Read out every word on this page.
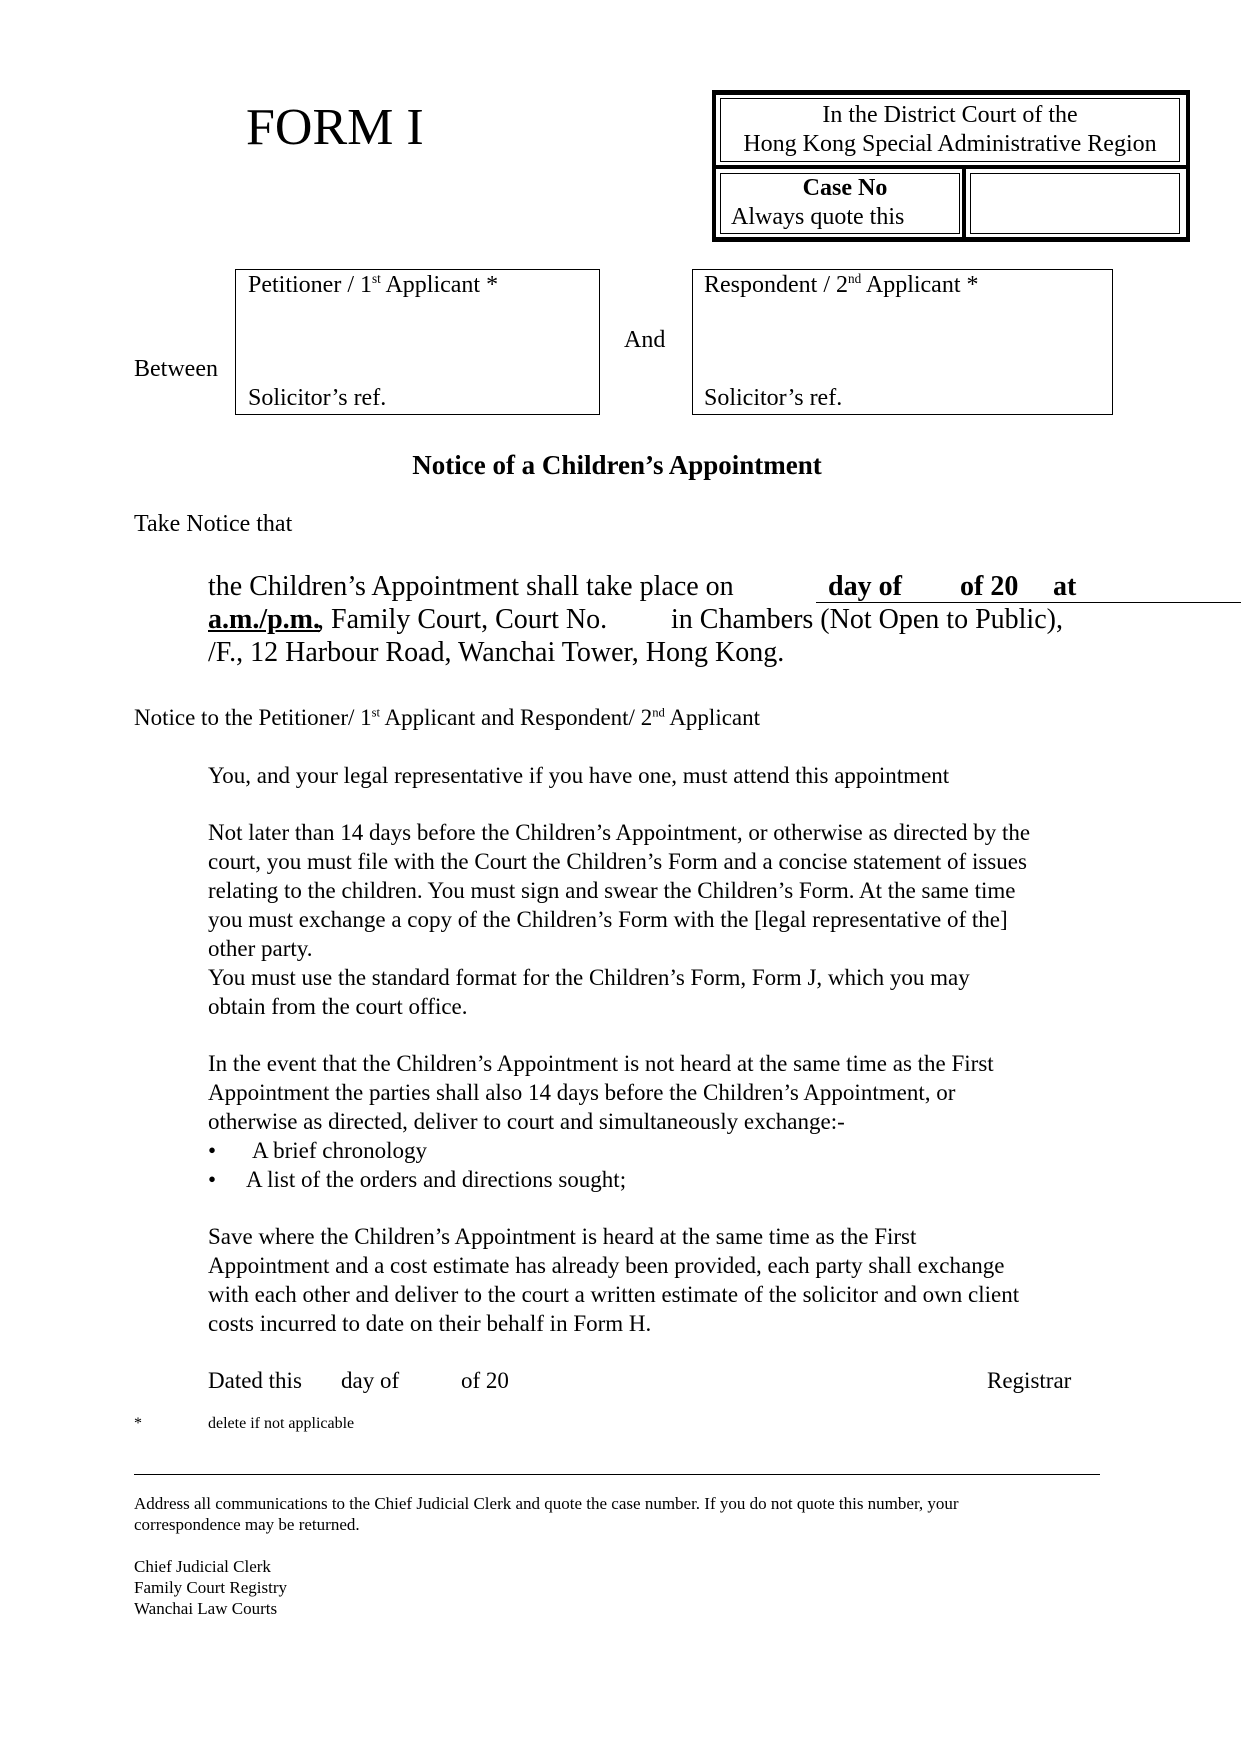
FORM I	In the District Court of the
Hong Kong Special Administrative Region
Case No
Always quote this
Between
Petitioner / 1st Applicant *
Solicitor’s ref.
And
Respondent / 2nd Applicant *
Solicitor’s ref.
Notice of a Children’s Appointment
Take Notice that
the Children’s Appointment shall take place on	day of of 20 at
a.m./p.m.
, Family Court, Court No. in Chambers (Not Open to Public),
/F., 12 Harbour Road, Wanchai Tower, Hong Kong.
Notice to the Petitioner/ 1st Applicant and Respondent/ 2nd Applicant
You, and your legal representative if you have one, must attend this appointment
Not later than 14 days before the Children’s Appointment, or otherwise as directed by the
court, you must file with the Court the Children’s Form and a concise statement of issues
relating to the children. You must sign and swear the Children’s Form. At the same time
you must exchange a copy of the Children’s Form with the [legal representative of the]
other party.
You must use the standard format for the Children’s Form, Form J, which you may
obtain from the court office.
In the event that the Children’s Appointment is not heard at the same time as the First
Appointment the parties shall also 14 days before the Children’s Appointment, or
otherwise as directed, deliver to court and simultaneously exchange:-
• A brief chronology
• A list of the orders and directions sought;
Save where the Children’s Appointment is heard at the same time as the First
Appointment and a cost estimate has already been provided, each party shall exchange
with each other and deliver to the court a written estimate of the solicitor and own client
costs incurred to date on their behalf in Form H.
Dated this day of	of 20	Registrar
*	delete if not applicable
Address all communications to the Chief Judicial Clerk and quote the case number. If you do not quote this number, your
correspondence may be returned.
Chief Judicial Clerk
Family Court Registry
Wanchai Law Courts
